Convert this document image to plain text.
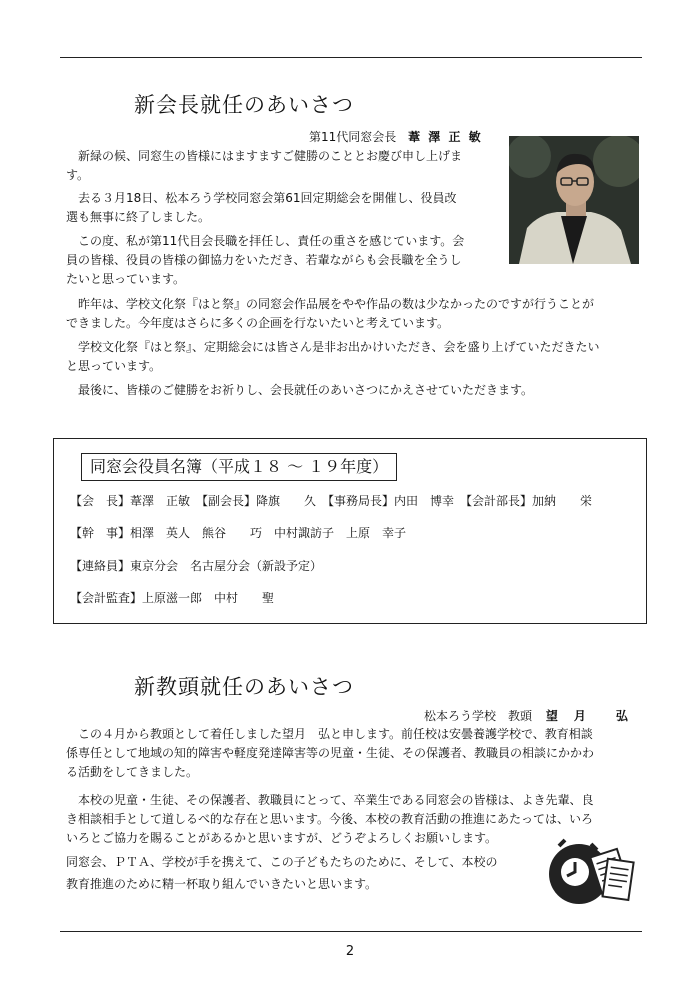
新会長就任のあいさつ
第11代同窓会長 葦 澤 正 敏
　新緑の候、同窓生の皆様にはますますご健勝のこととお慶び申し上げま
す。
　去る３月18日、松本ろう学校同窓会第61回定期総会を開催し、役員改
選も無事に終了しました。
　この度、私が第11代目会長職を拝任し、責任の重さを感じています。会
員の皆様、役員の皆様の御協力をいただき、若輩ながらも会長職を全うし
たいと思っています。
　昨年は、学校文化祭『はと祭』の同窓会作品展をやや作品の数は少なかったのですが行うことが
できました。今年度はさらに多くの企画を行ないたいと考えています。
　学校文化祭『はと祭』、定期総会には皆さん是非お出かけいただき、会を盛り上げていただきたい
と思っています。
　最後に、皆様のご健勝をお祈りし、会長就任のあいさつにかえさせていただきます。
同窓会役員名簿（平成１８ ～ １９年度）
【会　長】葦澤　正敏　【副会長】降旗　　久　【事務局長】内田　博幸　【会計部長】加納　　栄
【幹　事】相澤　英人　熊谷　　巧　中村諏訪子　上原　幸子
【連絡員】東京分会　名古屋分会（新設予定）
【会計監査】上原滋一郎　中村　　聖
新教頭就任のあいさつ
松本ろう学校　教頭 望　月　　弘
　この４月から教頭として着任しました望月　弘と申します。前任校は安曇養護学校で、教育相談
係専任として地域の知的障害や軽度発達障害等の児童・生徒、その保護者、教職員の相談にかかわ
る活動をしてきました。
　本校の児童・生徒、その保護者、教職員にとって、卒業生である同窓会の皆様は、よき先輩、良
き相談相手として道しるべ的な存在と思います。今後、本校の教育活動の推進にあたっては、いろ
いろとご協力を賜ることがあるかと思いますが、どうぞよろしくお願いします。
同窓会、ＰＴＡ、学校が手を携えて、この子どもたちのために、そして、本校の
教育推進のために精一杯取り組んでいきたいと思います。
2
